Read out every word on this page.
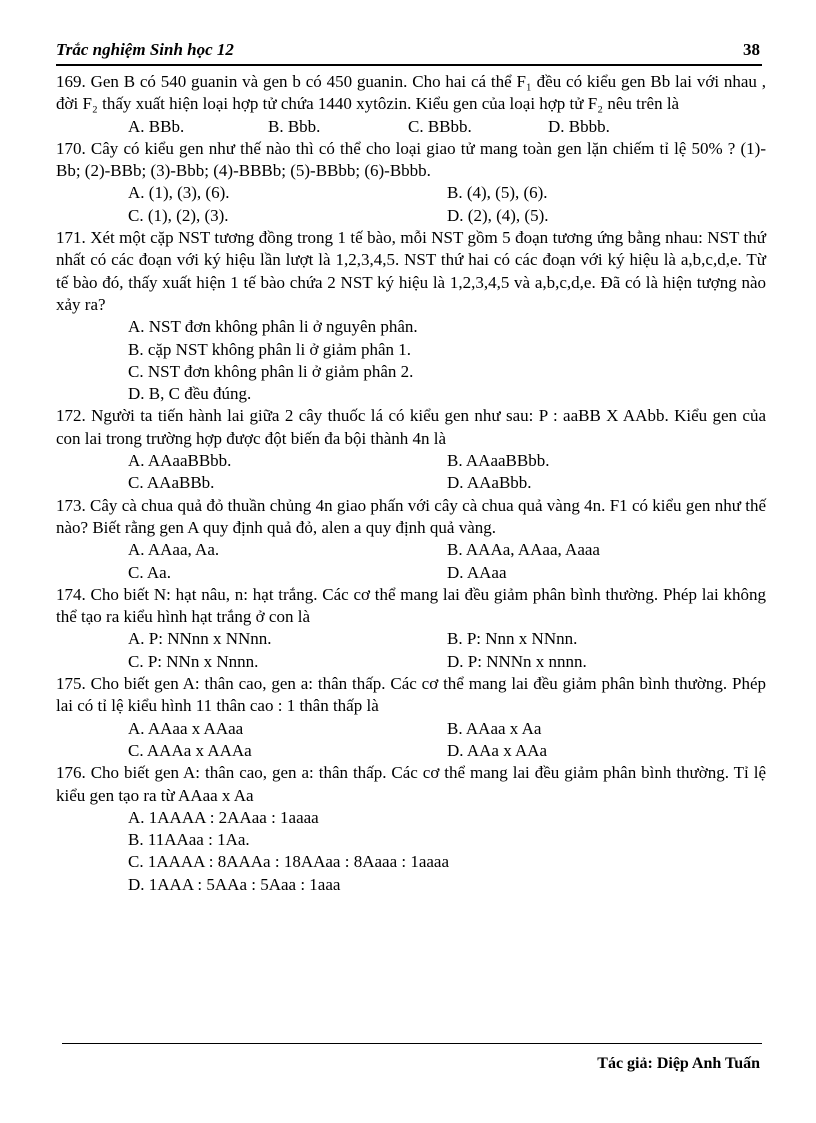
Trắc nghiệm Sinh học 12	38
169. Gen B có 540 guanin và gen b có 450 guanin. Cho hai cá thể F₁ đều có kiểu gen Bb lai với nhau , đời F₂ thấy xuất hiện loại hợp tử chứa 1440 xytôzin. Kiểu gen của loại hợp tử F₂ nêu trên là
A. BBb.	B. Bbb.	C. BBbb.	D. Bbbb.
170. Cây có kiểu gen như thế nào thì có thể cho loại giao tử mang toàn gen lặn chiếm tỉ lệ 50% ? (1)-Bb; (2)-BBb; (3)-Bbb; (4)-BBBb; (5)-BBbb; (6)-Bbbb.
A. (1), (3), (6).	B. (4), (5), (6).
C. (1), (2), (3).	D. (2), (4), (5).
171. Xét một cặp NST tương đồng trong 1 tế bào, mỗi NST gồm 5 đoạn tương ứng bằng nhau: NST thứ nhất có các đoạn với ký hiệu lần lượt là 1,2,3,4,5. NST thứ hai có các đoạn với ký hiệu là a,b,c,d,e. Từ tế bào đó, thấy xuất hiện 1 tế bào chứa 2 NST ký hiệu là 1,2,3,4,5 và a,b,c,d,e. Đã có là hiện tượng nào xảy ra?
A. NST đơn không phân li ở nguyên phân.
B. cặp NST không phân li ở giảm phân 1.
C. NST đơn không phân li ở giảm phân 2.
D. B, C đều đúng.
172. Người ta tiến hành lai giữa 2 cây thuốc lá có kiểu gen như sau: P : aaBB X AAbb. Kiểu gen của con lai trong trường hợp được đột biến đa bội thành 4n là
A. AAaaBBbb.	B. AAaaBBbb.
C. AAaBBb.	D. AAaBbb.
173. Cây cà chua quả đỏ thuần chủng 4n giao phấn với cây cà chua quả vàng 4n. F1 có kiểu gen như thế nào? Biết rằng gen A quy định quả đỏ, alen a quy định quả vàng.
A. AAaa, Aa.	B. AAAa, AAaa, Aaaa
C. Aa.	D. AAaa
174. Cho biết N: hạt nâu, n: hạt trắng. Các cơ thể mang lai đều giảm phân bình thường. Phép lai không thể tạo ra kiểu hình hạt trắng ở con là
A. P: NNnn x NNnn.	B. P: Nnn x NNnn.
C. P: NNn x Nnnn.	D. P: NNNn x nnnn.
175. Cho biết gen A: thân cao, gen a: thân thấp. Các cơ thể mang lai đều giảm phân bình thường. Phép lai có tỉ lệ kiểu hình 11 thân cao : 1 thân thấp là
A. AAaa x AAaa	B. AAaa x Aa
C. AAAa x AAAa	D. AAa x AAa
176. Cho biết gen A: thân cao, gen a: thân thấp. Các cơ thể mang lai đều giảm phân bình thường. Tỉ lệ kiểu gen tạo ra từ AAaa x Aa
A. 1AAAA : 2AAaa : 1aaaa
B. 11AAaa : 1Aa.
C. 1AAAA : 8AAAa : 18AAaa : 8Aaaa : 1aaaa
D. 1AAA : 5AAa : 5Aaa : 1aaa
Tác giả: Diệp Anh Tuấn
